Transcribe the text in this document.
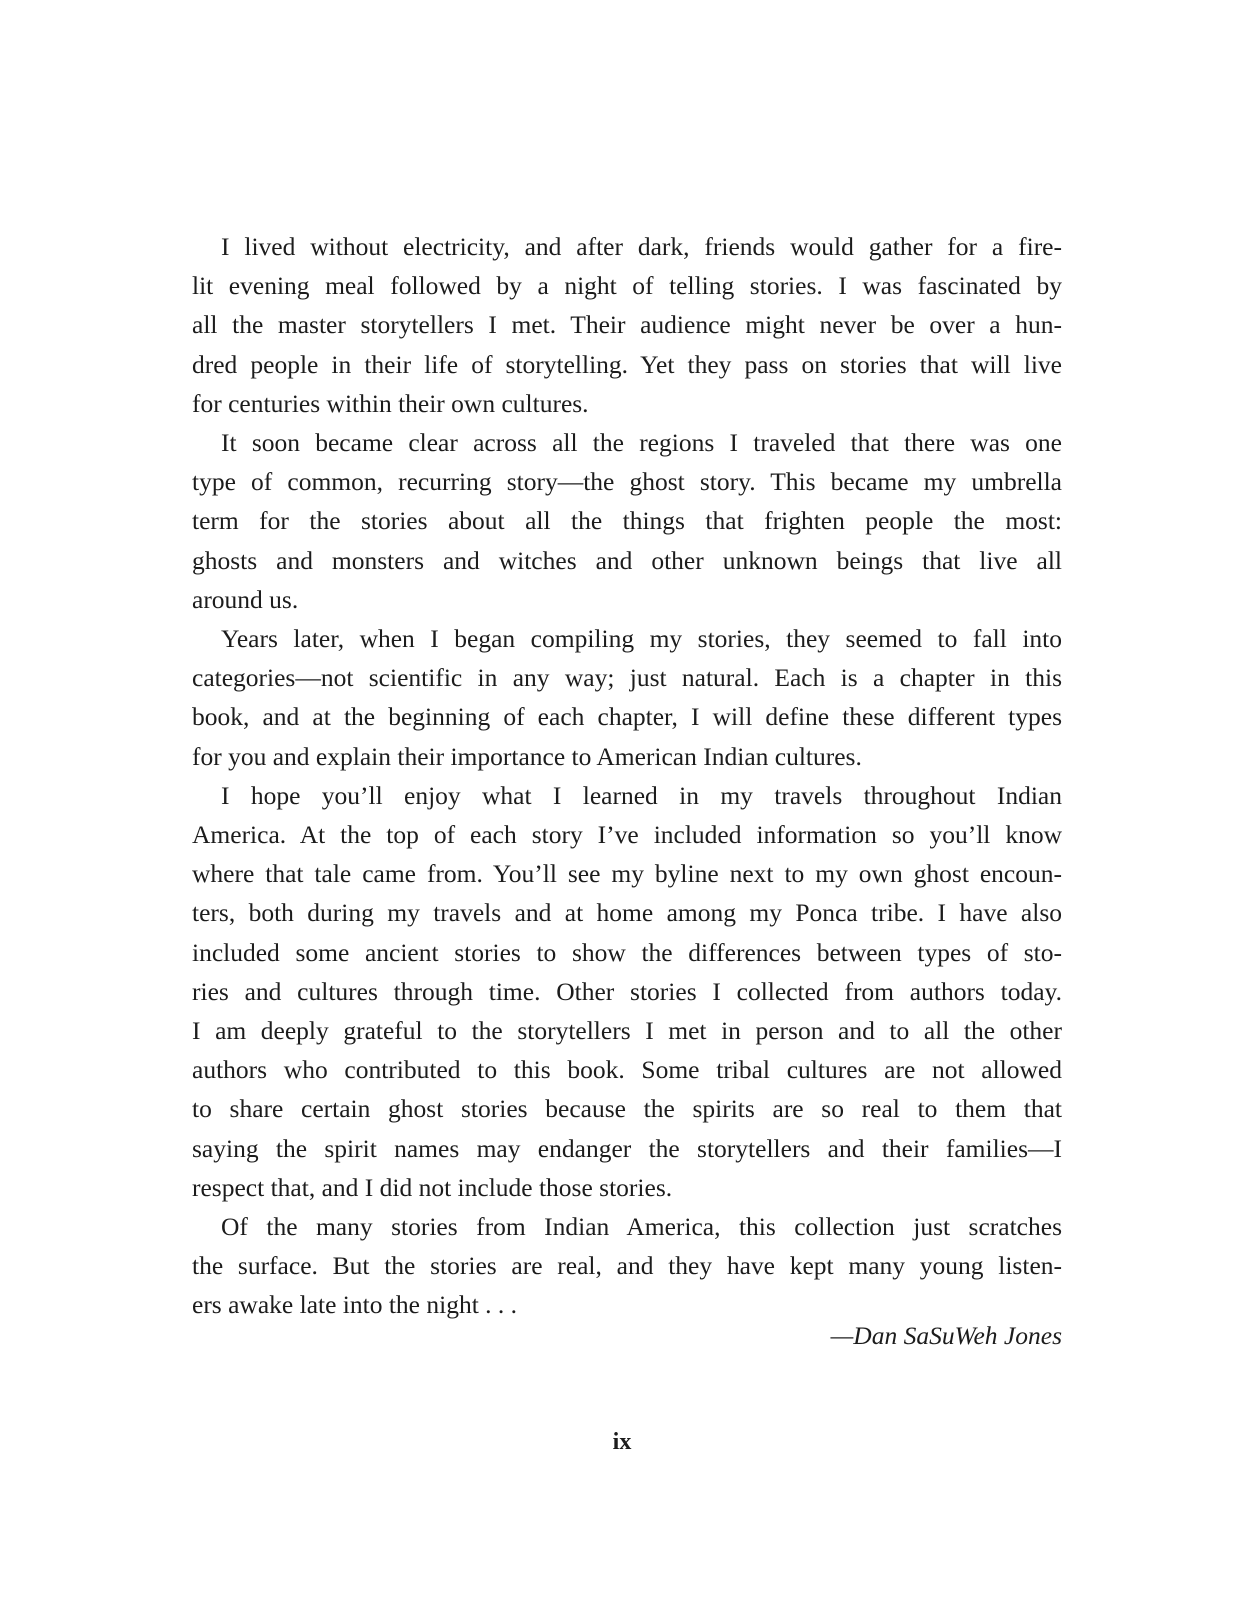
I lived without electricity, and after dark, friends would gather for a fire-
lit evening meal followed by a night of telling stories. I was fascinated by
all the master storytellers I met. Their audience might never be over a hun-
dred people in their life of storytelling. Yet they pass on stories that will live
for centuries within their own cultures.

It soon became clear across all the regions I traveled that there was one
type of common, recurring story—the ghost story. This became my umbrella
term for the stories about all the things that frighten people the most:
ghosts and monsters and witches and other unknown beings that live all
around us.

Years later, when I began compiling my stories, they seemed to fall into
categories—not scientific in any way; just natural. Each is a chapter in this
book, and at the beginning of each chapter, I will define these different types
for you and explain their importance to American Indian cultures.

I hope you’ll enjoy what I learned in my travels throughout Indian
America. At the top of each story I’ve included information so you’ll know
where that tale came from. You’ll see my byline next to my own ghost encoun-
ters, both during my travels and at home among my Ponca tribe. I have also
included some ancient stories to show the differences between types of sto-
ries and cultures through time. Other stories I collected from authors today.
I am deeply grateful to the storytellers I met in person and to all the other
authors who contributed to this book. Some tribal cultures are not allowed
to share certain ghost stories because the spirits are so real to them that
saying the spirit names may endanger the storytellers and their families—I
respect that, and I did not include those stories.

Of the many stories from Indian America, this collection just scratches
the surface. But the stories are real, and they have kept many young listen-
ers awake late into the night . . .

—Dan SaSuWeh Jones
ix
